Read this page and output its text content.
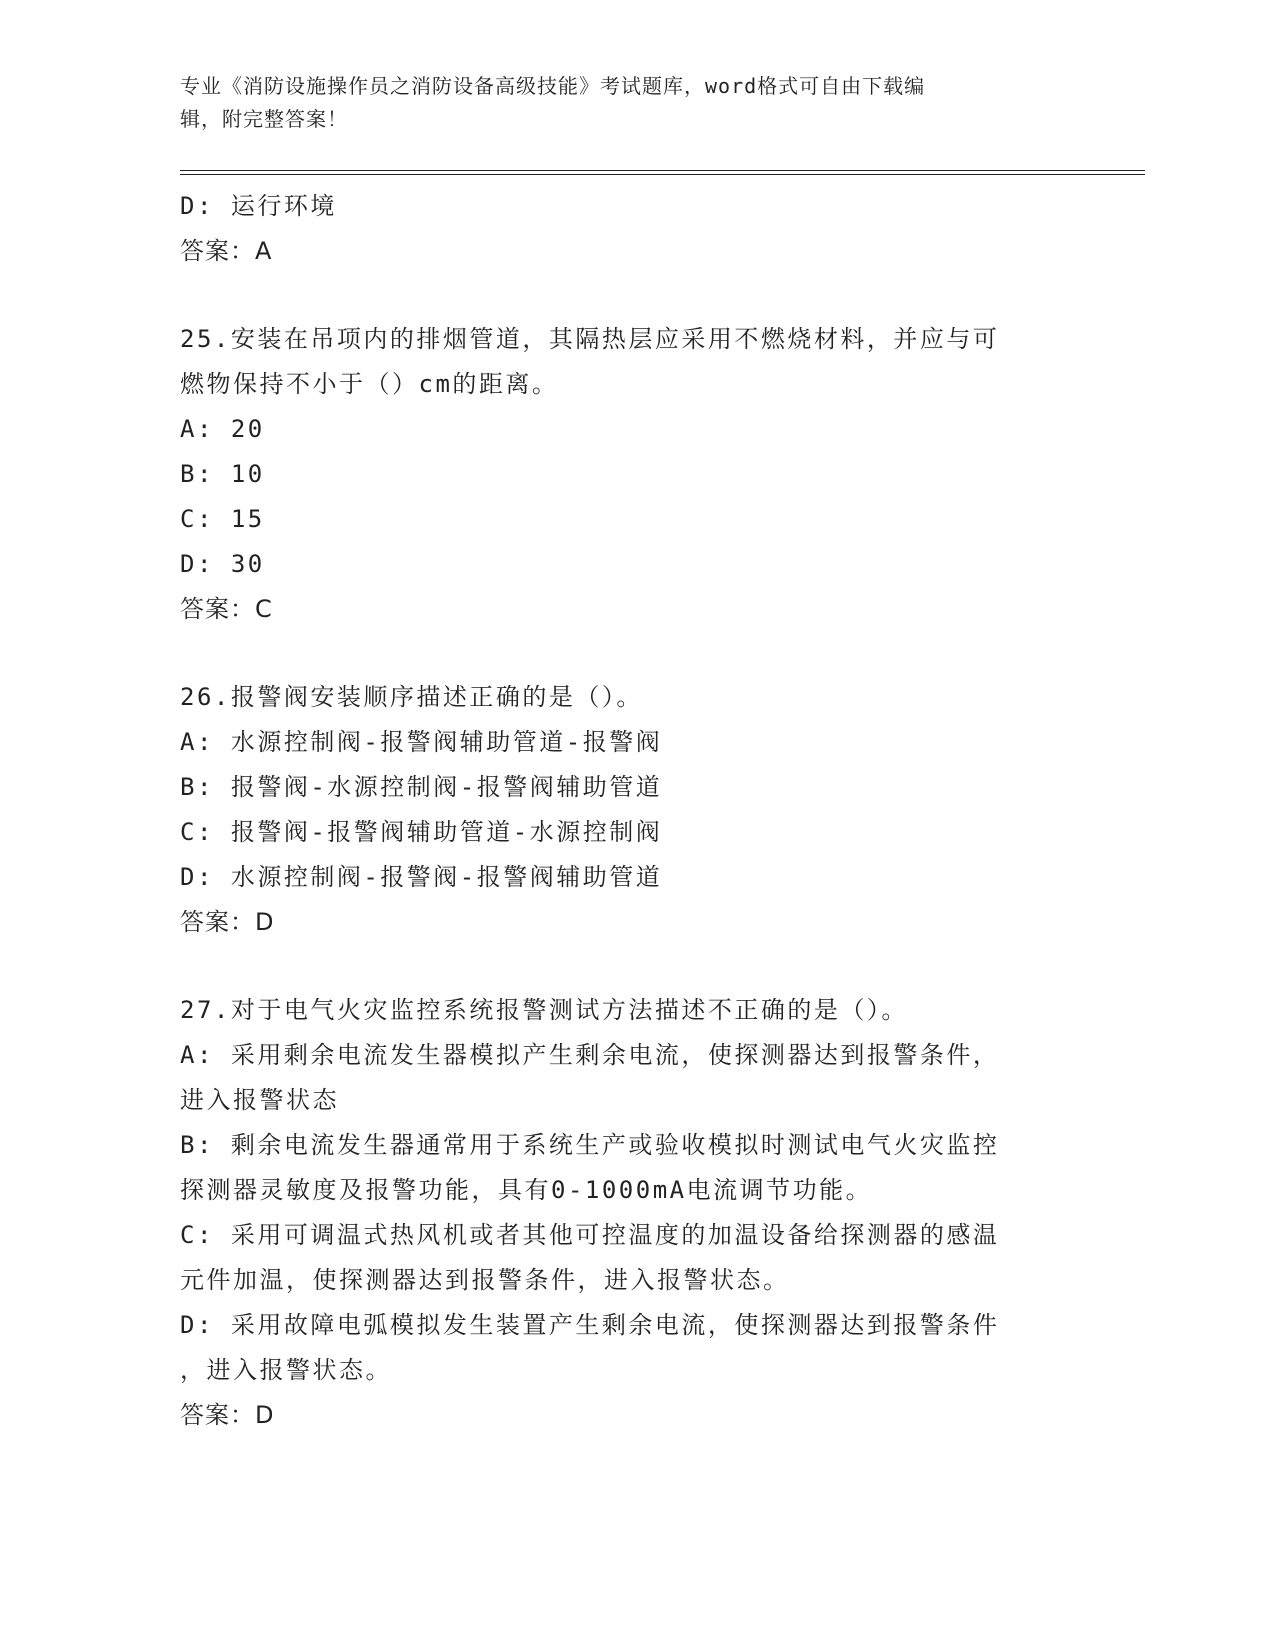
专业《消防设施操作员之消防设备高级技能》考试题库，word格式可自由下载编
辑，附完整答案！
D: 运行环境
答案：A
25.安装在吊项内的排烟管道，其隔热层应采用不燃烧材料，并应与可
燃物保持不小于（）cm的距离。
A: 20
B: 10
C: 15
D: 30
答案：C
26.报警阀安装顺序描述正确的是（）。
A: 水源控制阀-报警阀辅助管道-报警阀
B: 报警阀-水源控制阀-报警阀辅助管道
C: 报警阀-报警阀辅助管道-水源控制阀
D: 水源控制阀-报警阀-报警阀辅助管道
答案：D
27.对于电气火灾监控系统报警测试方法描述不正确的是（）。
A: 采用剩余电流发生器模拟产生剩余电流，使探测器达到报警条件，
进入报警状态
B: 剩余电流发生器通常用于系统生产或验收模拟时测试电气火灾监控
探测器灵敏度及报警功能，具有0-1000mA电流调节功能。
C: 采用可调温式热风机或者其他可控温度的加温设备给探测器的感温
元件加温，使探测器达到报警条件，进入报警状态。
D: 采用故障电弧模拟发生装置产生剩余电流，使探测器达到报警条件
，进入报警状态。
答案：D
